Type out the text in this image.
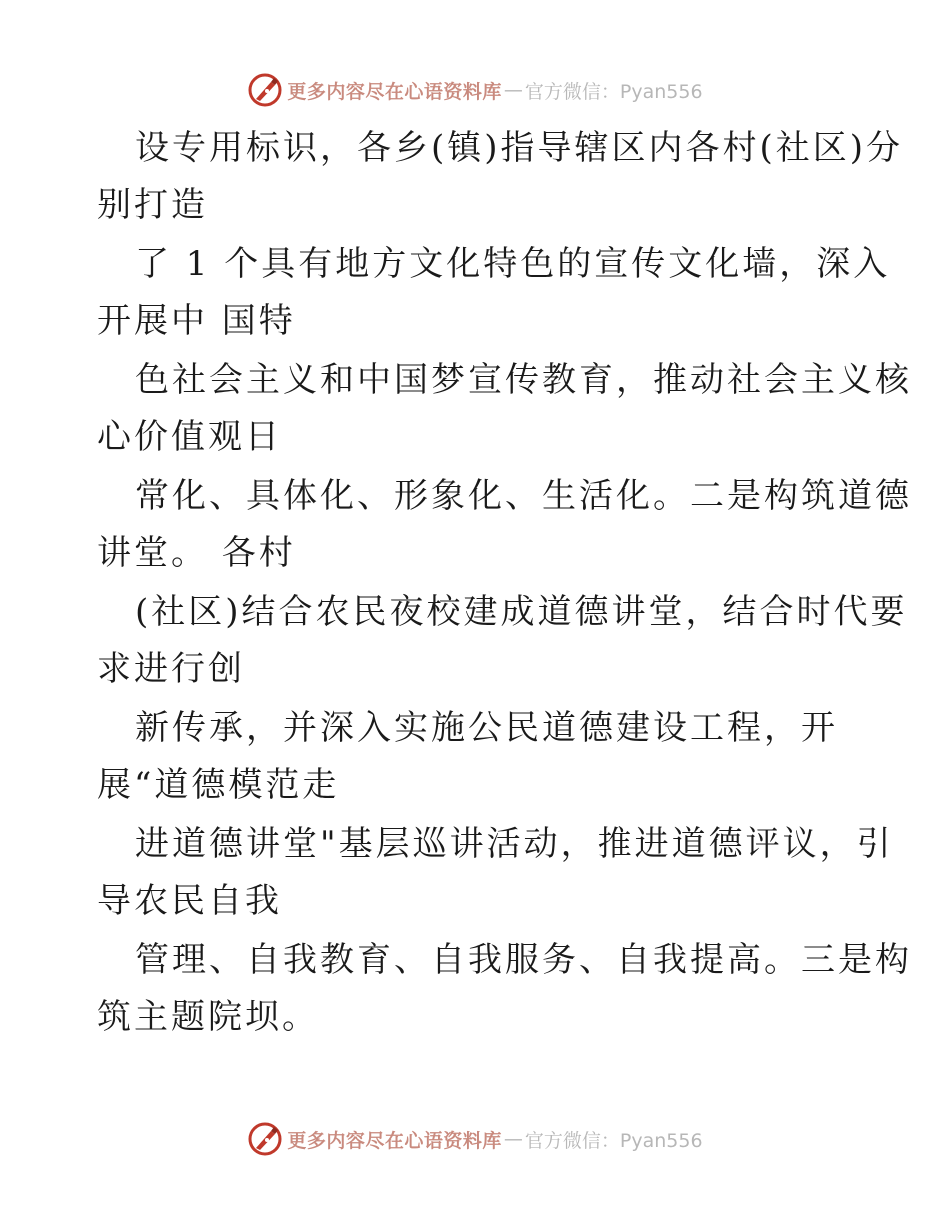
更多内容尽在心语资料库 — 官方微信：Pyan556

设专用标识，各乡(镇)指导辖区内各村(社区)分

别打造

了 1 个具有地方文化特色的宣传文化墙，深入

开展中 国特

色社会主义和中国梦宣传教育，推动社会主义核

心价值观日

常化、具体化、形象化、生活化。二是构筑道德

讲堂。 各村

(社区)结合农民夜校建成道德讲堂，结合时代要

求进行创

新传承，并深入实施公民道德建设工程，开

展“道德模范走

进道德讲堂"基层巡讲活动，推进道德评议，引

导农民自我

管理、自我教育、自我服务、自我提高。三是构

筑主题院坝。

更多内容尽在心语资料库 — 官方微信：Pyan556
